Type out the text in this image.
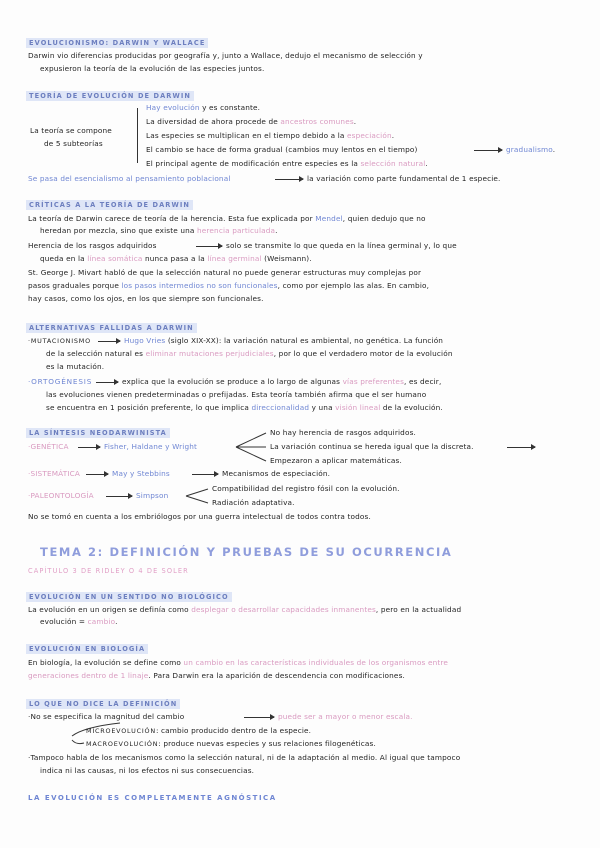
EVOLUCIONISMO: DARWIN Y WALLACE
Darwin vio diferencias producidas por geografía y, junto a Wallace, dedujo el mecanismo de selección y
expusieron la teoría de la evolución de las especies juntos.
TEORÍA DE EVOLUCIÓN DE DARWIN
La teoría se compone
de 5 subteorías
Hay evolución y es constante.
La diversidad de ahora procede de ancestros comunes.
Las especies se multiplican en el tiempo debido a la especiación.
El cambio se hace de forma gradual (cambios muy lentos en el tiempo)	gradualismo.
El principal agente de modificación entre especies es la selección natural.
Se pasa del esencialismo al pensamiento poblacional	la variación como parte fundamental de 1 especie.
CRÍTICAS A LA TEORÍA DE DARWIN
La teoría de Darwin carece de teoría de la herencia. Esta fue explicada por Mendel, quien dedujo que no
heredan por mezcla, sino que existe una herencia particulada.
Herencia de los rasgos adquiridos	solo se transmite lo que queda en la línea germinal y, lo que
queda en la línea somática nunca pasa a la línea germinal (Weismann).
St. George J. Mivart habló de que la selección natural no puede generar estructuras muy complejas por
pasos graduales porque los pasos intermedios no son funcionales, como por ejemplo las alas. En cambio,
hay casos, como los ojos, en los que siempre son funcionales.
ALTERNATIVAS FALLIDAS A DARWIN
·MUTACIONISMO	Hugo Vries (siglo XIX-XX): la variación natural es ambiental, no genética. La función
de la selección natural es eliminar mutaciones perjudiciales, por lo que el verdadero motor de la evolución
es la mutación.
·ORTOGÉNESIS	explica que la evolución se produce a lo largo de algunas vías preferentes, es decir,
las evoluciones vienen predeterminadas o prefijadas. Esta teoría también afirma que el ser humano
se encuentra en 1 posición preferente, lo que implica direccionalidad y una visión lineal de la evolución.
LA SÍNTESIS NEODARWINISTA
·GENÉTICA	Fisher, Haldane y Wright
No hay herencia de rasgos adquiridos.
La variación continua se hereda igual que la discreta.
Empezaron a aplicar matemáticas.
·SISTEMÁTICA	May y Stebbins	Mecanismos de especiación.
·PALEONTOLOGÍA	Simpson
Compatibilidad del registro fósil con la evolución.
Radiación adaptativa.
No se tomó en cuenta a los embriólogos por una guerra intelectual de todos contra todos.
TEMA 2: DEFINICIÓN Y PRUEBAS DE SU OCURRENCIA
CAPÍTULO 3 DE RIDLEY O 4 DE SOLER
EVOLUCIÓN EN UN SENTIDO NO BIOLÓGICO
La evolución en un origen se definía como desplegar o desarrollar capacidades inmanentes, pero en la actualidad
evolución = cambio.
EVOLUCIÓN EN BIOLOGÍA
En biología, la evolución se define como un cambio en las características individuales de los organismos entre
generaciones dentro de 1 linaje. Para Darwin era la aparición de descendencia con modificaciones.
LO QUE NO DICE LA DEFINICIÓN
·No se especifica la magnitud del cambio	puede ser a mayor o menor escala.
MICROEVOLUCIÓN: cambio producido dentro de la especie.
MACROEVOLUCIÓN: produce nuevas especies y sus relaciones filogenéticas.
·Tampoco habla de los mecanismos como la selección natural, ni de la adaptación al medio. Al igual que tampoco
indica ni las causas, ni los efectos ni sus consecuencias.
LA EVOLUCIÓN ES COMPLETAMENTE AGNÓSTICA
